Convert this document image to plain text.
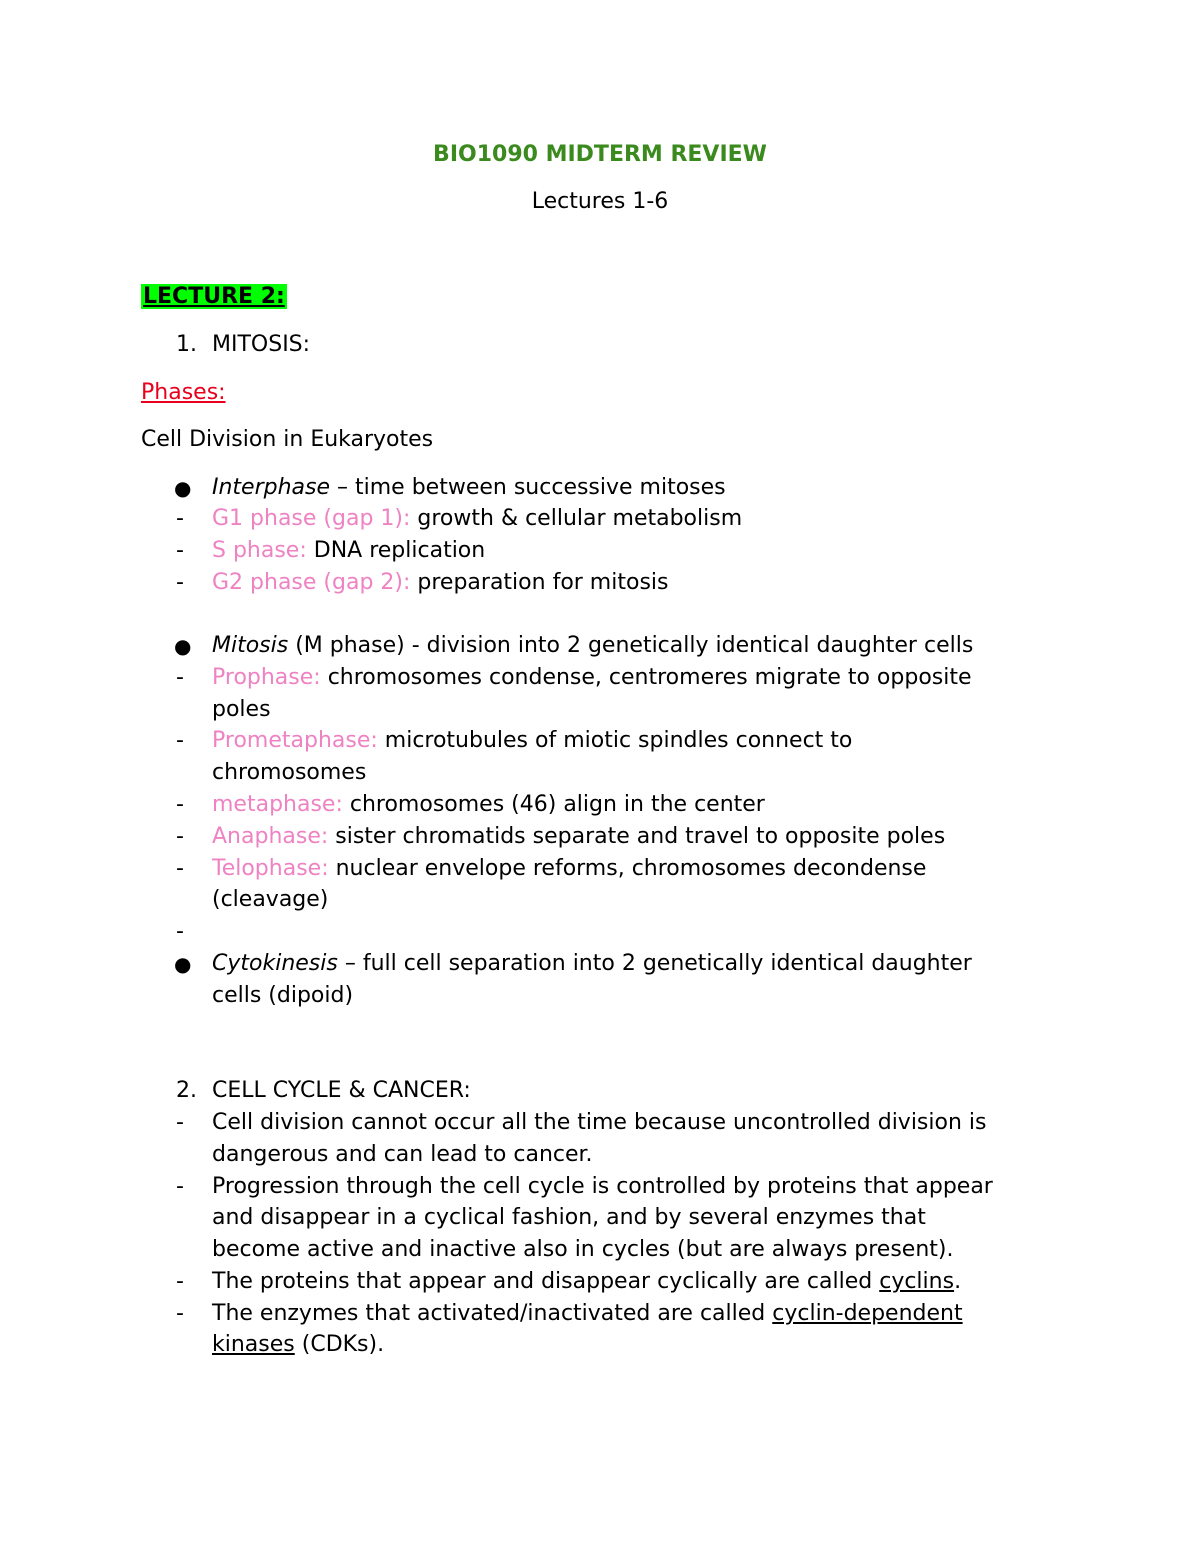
BIO1090 MIDTERM REVIEW
Lectures 1-6
LECTURE 2:
1. MITOSIS:
Phases:
Cell Division in Eukaryotes
● Interphase – time between successive mitoses
- G1 phase (gap 1): growth & cellular metabolism
- S phase: DNA replication
- G2 phase (gap 2): preparation for mitosis
● Mitosis (M phase) - division into 2 genetically identical daughter cells
- Prophase: chromosomes condense, centromeres migrate to opposite
poles
- Prometaphase: microtubules of miotic spindles connect to
chromosomes
- metaphase: chromosomes (46) align in the center
- Anaphase: sister chromatids separate and travel to opposite poles
- Telophase: nuclear envelope reforms, chromosomes decondense
(cleavage)
-
● Cytokinesis – full cell separation into 2 genetically identical daughter
cells (dipoid)
2. CELL CYCLE & CANCER:
- Cell division cannot occur all the time because uncontrolled division is
dangerous and can lead to cancer.
- Progression through the cell cycle is controlled by proteins that appear
and disappear in a cyclical fashion, and by several enzymes that
become active and inactive also in cycles (but are always present).
- The proteins that appear and disappear cyclically are called cyclins.
- The enzymes that activated/inactivated are called cyclin-dependent
kinases (CDKs).
